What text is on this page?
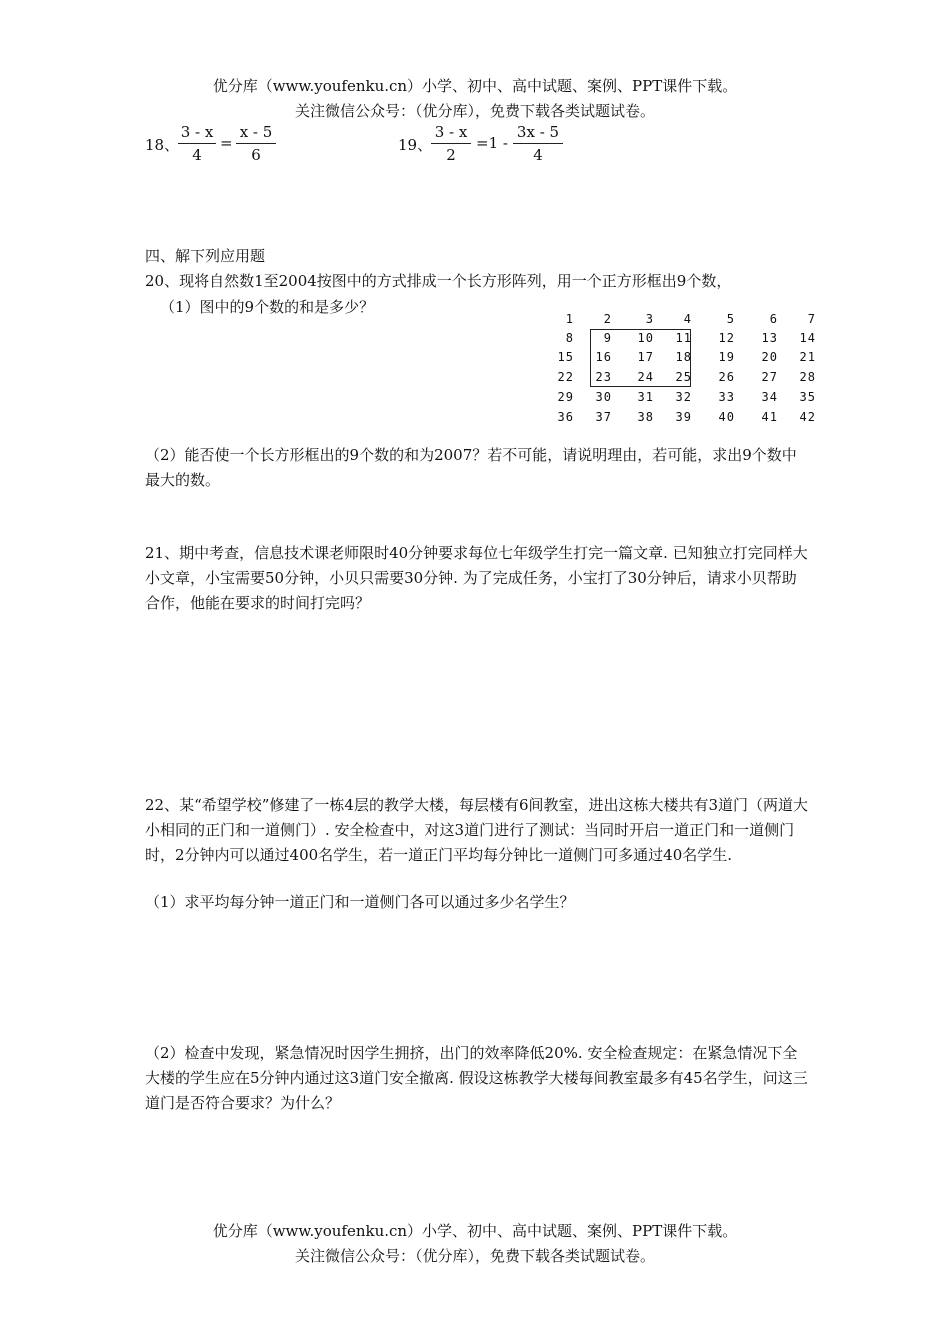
优分库（www.youfenku.cn）小学、初中、高中试题、案例、PPT课件下载。
关注微信公众号：（优分库），免费下载各类试题试卷。
18、
3 - x
4
=
x - 5
6
19、
3 - x
2
=1 -
3x - 5
4
四、解下列应用题
20、现将自然数1至2004按图中的方式排成一个长方形阵列，用一个正方形框出9个数，
（1）图中的9个数的和是多少？
1	2	3	4	5	6	7
8	9	10	11	12	13	14
15	16	17	18	19	20	21
22	23	24	25	26	27	28
29	30	31	32	33	34	35
36	37	38	39	40	41	42
（2）能否使一个长方形框出的9个数的和为2007？若不可能，请说明理由，若可能，求出9个数中最大的数。
21、期中考查，信息技术课老师限时40分钟要求每位七年级学生打完一篇文章. 已知独立打完同样大小文章，小宝需要50分钟，小贝只需要30分钟. 为了完成任务，小宝打了30分钟后，请求小贝帮助合作，他能在要求的时间打完吗？
22、某“希望学校”修建了一栋4层的教学大楼，每层楼有6间教室，进出这栋大楼共有3道门（两道大小相同的正门和一道侧门）. 安全检查中，对这3道门进行了测试：当同时开启一道正门和一道侧门时，2分钟内可以通过400名学生，若一道正门平均每分钟比一道侧门可多通过40名学生.
（1）求平均每分钟一道正门和一道侧门各可以通过多少名学生？
（2）检查中发现，紧急情况时因学生拥挤，出门的效率降低20%. 安全检查规定：在紧急情况下全大楼的学生应在5分钟内通过这3道门安全撤离. 假设这栋教学大楼每间教室最多有45名学生，问这三道门是否符合要求？为什么？
优分库（www.youfenku.cn）小学、初中、高中试题、案例、PPT课件下载。
关注微信公众号：（优分库），免费下载各类试题试卷。
